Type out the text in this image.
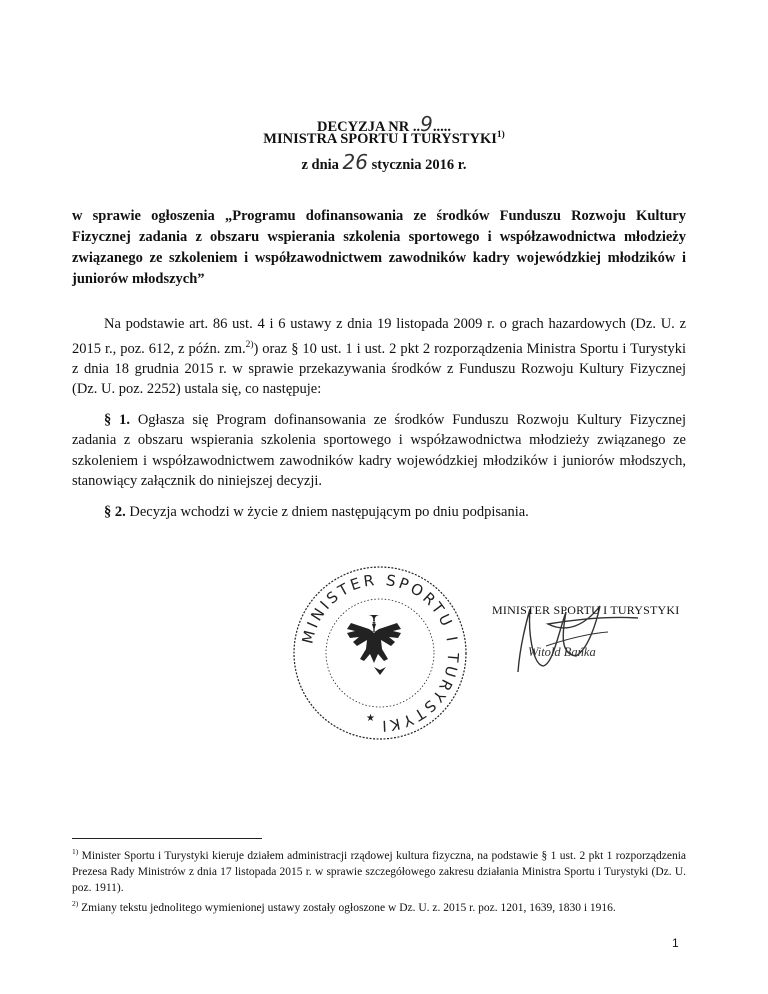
DECYZJA NR ..9.....
MINISTRA SPORTU I TURYSTYKI$^{1)}$
z dnia 26 stycznia 2016 r.
w sprawie ogłoszenia „Programu dofinansowania ze środków Funduszu Rozwoju Kultury Fizycznej zadania z obszaru wspierania szkolenia sportowego i współzawodnictwa młodzieży związanego ze szkoleniem i współzawodnictwem zawodników kadry wojewódzkiej młodzików i juniorów młodszych”

Na podstawie art. 86 ust. 4 i 6 ustawy z dnia 19 listopada 2009 r. o grach hazardowych (Dz. U. z 2015 r., poz. 612, z późn. zm.$^{2)}$) oraz § 10 ust. 1 i ust. 2 pkt 2 rozporządzenia Ministra Sportu i Turystyki z dnia 18 grudnia 2015 r. w sprawie przekazywania środków z Funduszu Rozwoju Kultury Fizycznej (Dz. U. poz. 2252) ustala się, co następuje:

§ 1. Ogłasza się Program dofinansowania ze środków Funduszu Rozwoju Kultury Fizycznej zadania z obszaru wspierania szkolenia sportowego i współzawodnictwa młodzieży związanego ze szkoleniem i współzawodnictwem zawodników kadry wojewódzkiej młodzików i juniorów młodszych, stanowiący załącznik do niniejszej decyzji.

§ 2. Decyzja wchodzi w życie z dniem następującym po dniu podpisania.

MINISTER SPORTU I TURYSTYKI
★
MINISTER SPORTU I TURYSTYKI
Witold Bańka

$^{1)}$ Minister Sportu i Turystyki kieruje działem administracji rządowej kultura fizyczna, na podstawie § 1 ust. 2 pkt 1 rozporządzenia Prezesa Rady Ministrów z dnia 17 listopada 2015 r. w sprawie szczegółowego zakresu działania Ministra Sportu i Turystyki (Dz. U. poz. 1911).

$^{2)}$ Zmiany tekstu jednolitego wymienionej ustawy zostały ogłoszone w Dz. U. z. 2015 r. poz. 1201, 1639, 1830 i 1916.

1
